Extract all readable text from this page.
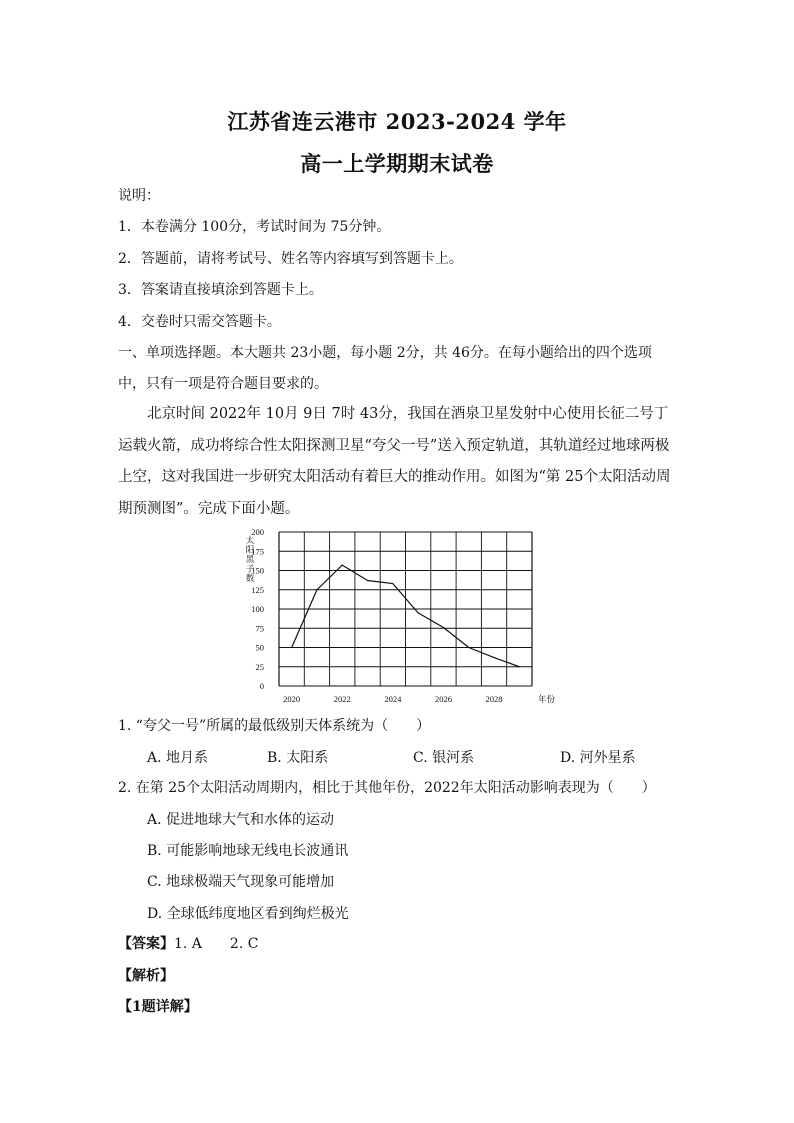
江苏省连云港市 2023-2024 学年
高一上学期期末试卷
说明：
1．本卷满分 100分，考试时间为 75分钟。
2．答题前，请将考试号、姓名等内容填写到答题卡上。
3．答案请直接填涂到答题卡上。
4．交卷时只需交答题卡。
一、单项选择题。本大题共 23小题，每小题 2分，共 46分。在每小题给出的四个选项
中，只有一项是符合题目要求的。
北京时间 2022年 10月 9日 7时 43分，我国在酒泉卫星发射中心使用长征二号丁运载火箭，成功将综合性太阳探测卫星“夸父一号”送入预定轨道，其轨道经过地球两极上空，这对我国进一步研究太阳活动有着巨大的推动作用。如图为“第 25个太阳活动周期预测图”。完成下面小题。
0
25
50
75
100
125
150
175
200
2020	2022	2024	2026	2028	年份
太
阳
黑
子
数
1. “夸父一号”所属的最低级别天体系统为（　　）
A. 地月系	B. 太阳系	C. 银河系	D. 河外星系
2. 在第 25个太阳活动周期内，相比于其他年份，2022年太阳活动影响表现为（　　）
A. 促进地球大气和水体的运动
B. 可能影响地球无线电长波通讯
C. 地球极端天气现象可能增加
D. 全球低纬度地区看到绚烂极光
【答案】1. A　　2. C
【解析】
【1题详解】
